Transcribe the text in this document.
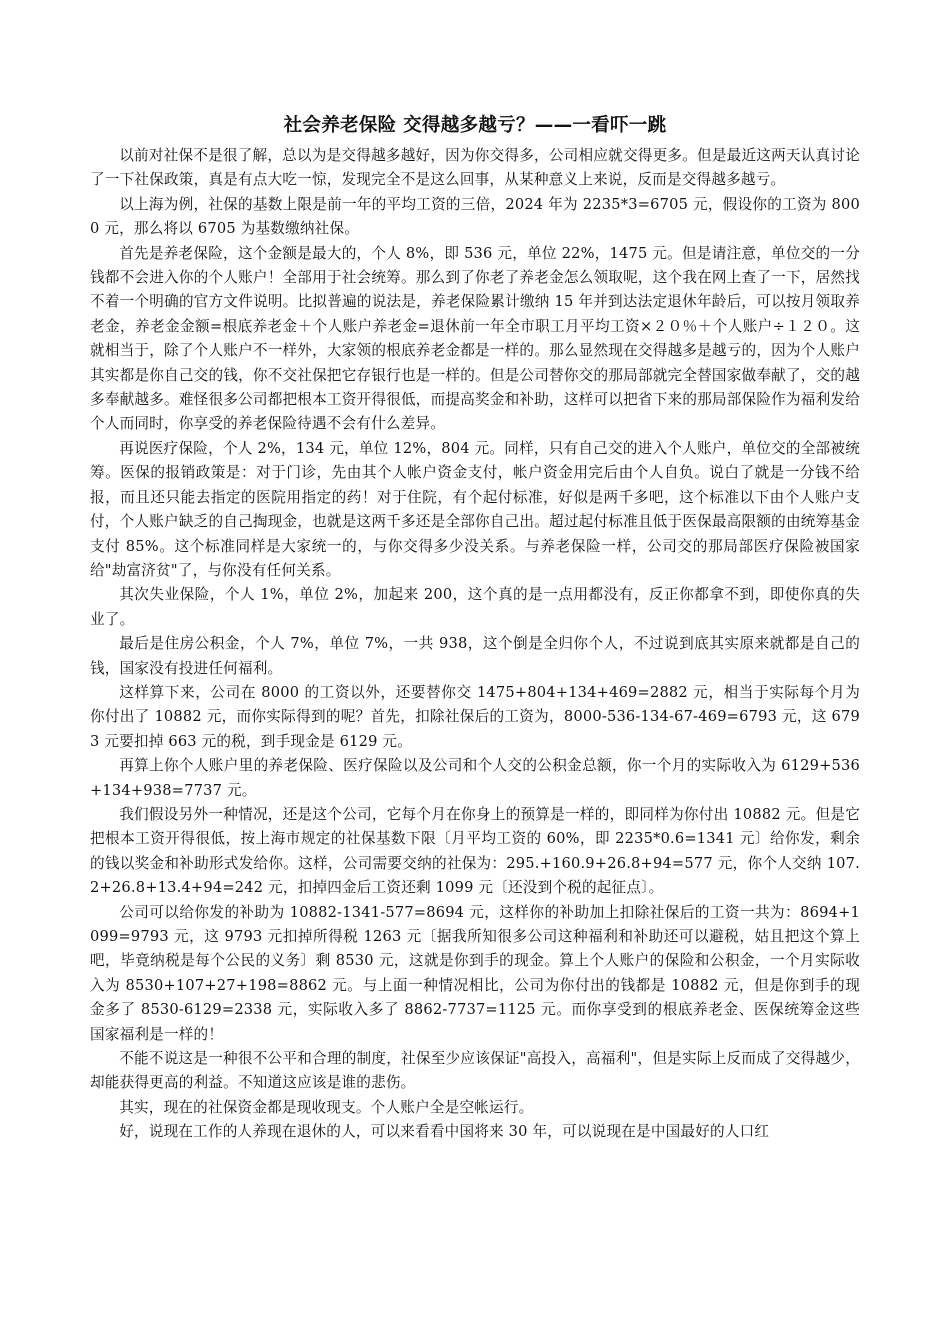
社会养老保险 交得越多越亏？——一看吓一跳

以前对社保不是很了解，总以为是交得越多越好，因为你交得多，公司相应就交得更多。但是最近这两天认真讨论了一下社保政策，真是有点大吃一惊，发现完全不是这么回事，从某种意义上来说，反而是交得越多越亏。

以上海为例，社保的基数上限是前一年的平均工资的三倍，2024 年为 2235*3=6705 元，假设你的工资为 8000 元，那么将以 6705 为基数缴纳社保。

首先是养老保险，这个金额是最大的，个人 8%，即 536 元，单位 22%，1475 元。但是请注意，单位交的一分钱都不会进入你的个人账户！全部用于社会统筹。那么到了你老了养老金怎么领取呢，这个我在网上查了一下，居然找不着一个明确的官方文件说明。比拟普遍的说法是，养老保险累计缴纳 15 年并到达法定退休年龄后，可以按月领取养老金，养老金金额=根底养老金＋个人账户养老金=退休前一年全市职工月平均工资×２０％＋个人账户÷１２０。这就相当于，除了个人账户不一样外，大家领的根底养老金都是一样的。那么显然现在交得越多是越亏的，因为个人账户其实都是你自己交的钱，你不交社保把它存银行也是一样的。但是公司替你交的那局部就完全替国家做奉献了，交的越多奉献越多。难怪很多公司都把根本工资开得很低，而提高奖金和补助，这样可以把省下来的那局部保险作为福利发给个人而同时，你享受的养老保险待遇不会有什么差异。

再说医疗保险，个人 2%，134 元，单位 12%，804 元。同样，只有自己交的进入个人账户，单位交的全部被统筹。医保的报销政策是：对于门诊，先由其个人帐户资金支付，帐户资金用完后由个人自负。说白了就是一分钱不给报，而且还只能去指定的医院用指定的药！对于住院，有个起付标准，好似是两千多吧，这个标准以下由个人账户支付，个人账户缺乏的自己掏现金，也就是这两千多还是全部你自己出。超过起付标准且低于医保最高限额的由统筹基金支付 85%。这个标准同样是大家统一的，与你交得多少没关系。与养老保险一样，公司交的那局部医疗保险被国家给"劫富济贫"了，与你没有任何关系。

其次失业保险，个人 1%，单位 2%，加起来 200，这个真的是一点用都没有，反正你都拿不到，即使你真的失业了。

最后是住房公积金，个人 7%，单位 7%，一共 938，这个倒是全归你个人，不过说到底其实原来就都是自己的钱，国家没有投进任何福利。

这样算下来，公司在 8000 的工资以外，还要替你交 1475+804+134+469=2882 元，相当于实际每个月为你付出了 10882 元，而你实际得到的呢？首先，扣除社保后的工资为，8000-536-134-67-469=6793 元，这 6793 元要扣掉 663 元的税，到手现金是 6129 元。

再算上你个人账户里的养老保险、医疗保险以及公司和个人交的公积金总额，你一个月的实际收入为 6129+536+134+938=7737 元。

我们假设另外一种情况，还是这个公司，它每个月在你身上的预算是一样的，即同样为你付出 10882 元。但是它把根本工资开得很低，按上海市规定的社保基数下限〔月平均工资的 60%，即 2235*0.6=1341 元〕给你发，剩余的钱以奖金和补助形式发给你。这样，公司需要交纳的社保为：295.+160.9+26.8+94=577 元，你个人交纳 107.2+26.8+13.4+94=242 元，扣掉四金后工资还剩 1099 元〔还没到个税的起征点〕。

公司可以给你发的补助为 10882-1341-577=8694 元，这样你的补助加上扣除社保后的工资一共为：8694+1099=9793 元，这 9793 元扣掉所得税 1263 元〔据我所知很多公司这种福利和补助还可以避税，姑且把这个算上吧，毕竟纳税是每个公民的义务〕剩 8530 元，这就是你到手的现金。算上个人账户的保险和公积金，一个月实际收入为 8530+107+27+198=8862 元。与上面一种情况相比，公司为你付出的钱都是 10882 元，但是你到手的现金多了 8530-6129=2338 元，实际收入多了 8862-7737=1125 元。而你享受到的根底养老金、医保统筹金这些国家福利是一样的！

不能不说这是一种很不公平和合理的制度，社保至少应该保证"高投入，高福利"，但是实际上反而成了交得越少，却能获得更高的利益。不知道这应该是谁的悲伤。

其实，现在的社保资金都是现收现支。个人账户全是空帐运行。

好，说现在工作的人养现在退休的人，可以来看看中国将来 30 年，可以说现在是中国最好的人口红
